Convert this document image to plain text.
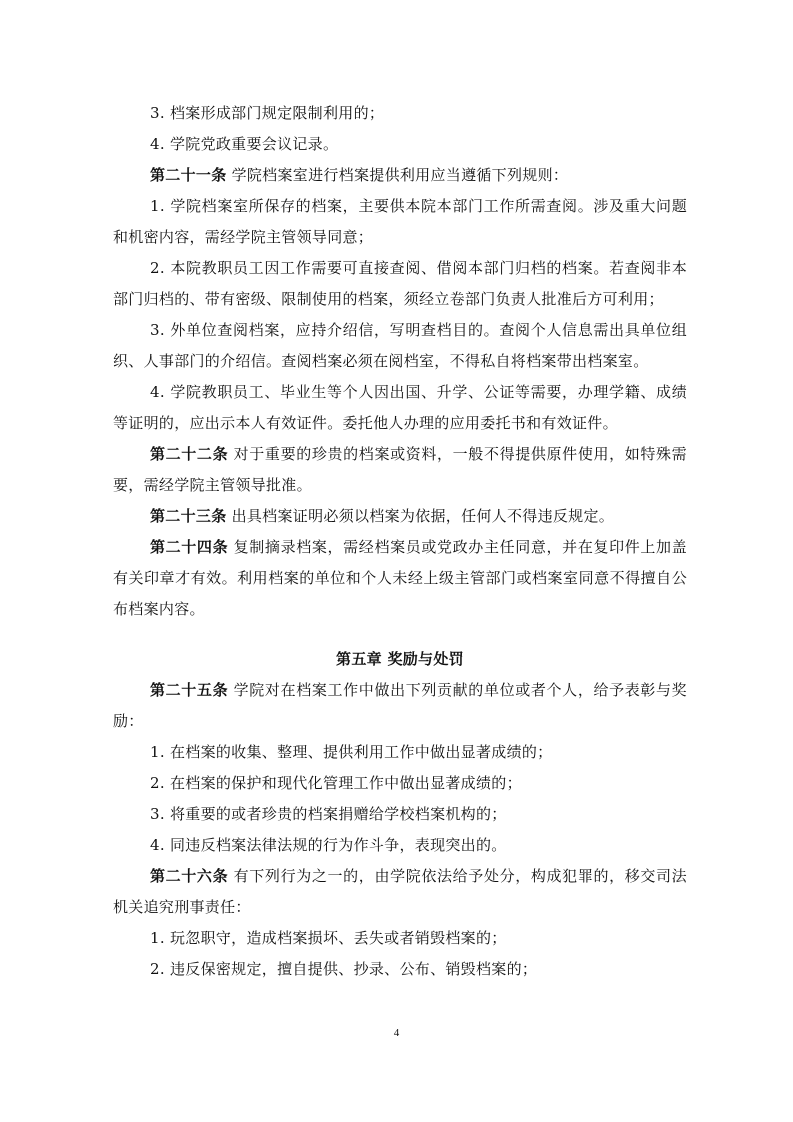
3. 档案形成部门规定限制利用的；

4. 学院党政重要会议记录。

第二十一条 学院档案室进行档案提供利用应当遵循下列规则：

1. 学院档案室所保存的档案，主要供本院本部门工作所需查阅。涉及重大问题和机密内容，需经学院主管领导同意；

2. 本院教职员工因工作需要可直接查阅、借阅本部门归档的档案。若查阅非本部门归档的、带有密级、限制使用的档案，须经立卷部门负责人批准后方可利用；

3. 外单位查阅档案，应持介绍信，写明查档目的。查阅个人信息需出具单位组织、人事部门的介绍信。查阅档案必须在阅档室，不得私自将档案带出档案室。

4. 学院教职员工、毕业生等个人因出国、升学、公证等需要，办理学籍、成绩等证明的，应出示本人有效证件。委托他人办理的应用委托书和有效证件。

第二十二条 对于重要的珍贵的档案或资料，一般不得提供原件使用，如特殊需要，需经学院主管领导批准。

第二十三条 出具档案证明必须以档案为依据，任何人不得违反规定。

第二十四条 复制摘录档案，需经档案员或党政办主任同意，并在复印件上加盖有关印章才有效。利用档案的单位和个人未经上级主管部门或档案室同意不得擅自公布档案内容。

第五章 奖励与处罚

第二十五条 学院对在档案工作中做出下列贡献的单位或者个人，给予表彰与奖励：

1. 在档案的收集、整理、提供利用工作中做出显著成绩的；

2. 在档案的保护和现代化管理工作中做出显著成绩的；

3. 将重要的或者珍贵的档案捐赠给学校档案机构的；

4. 同违反档案法律法规的行为作斗争，表现突出的。

第二十六条 有下列行为之一的，由学院依法给予处分，构成犯罪的，移交司法机关追究刑事责任：

1. 玩忽职守，造成档案损坏、丢失或者销毁档案的；

2. 违反保密规定，擅自提供、抄录、公布、销毁档案的；

4
